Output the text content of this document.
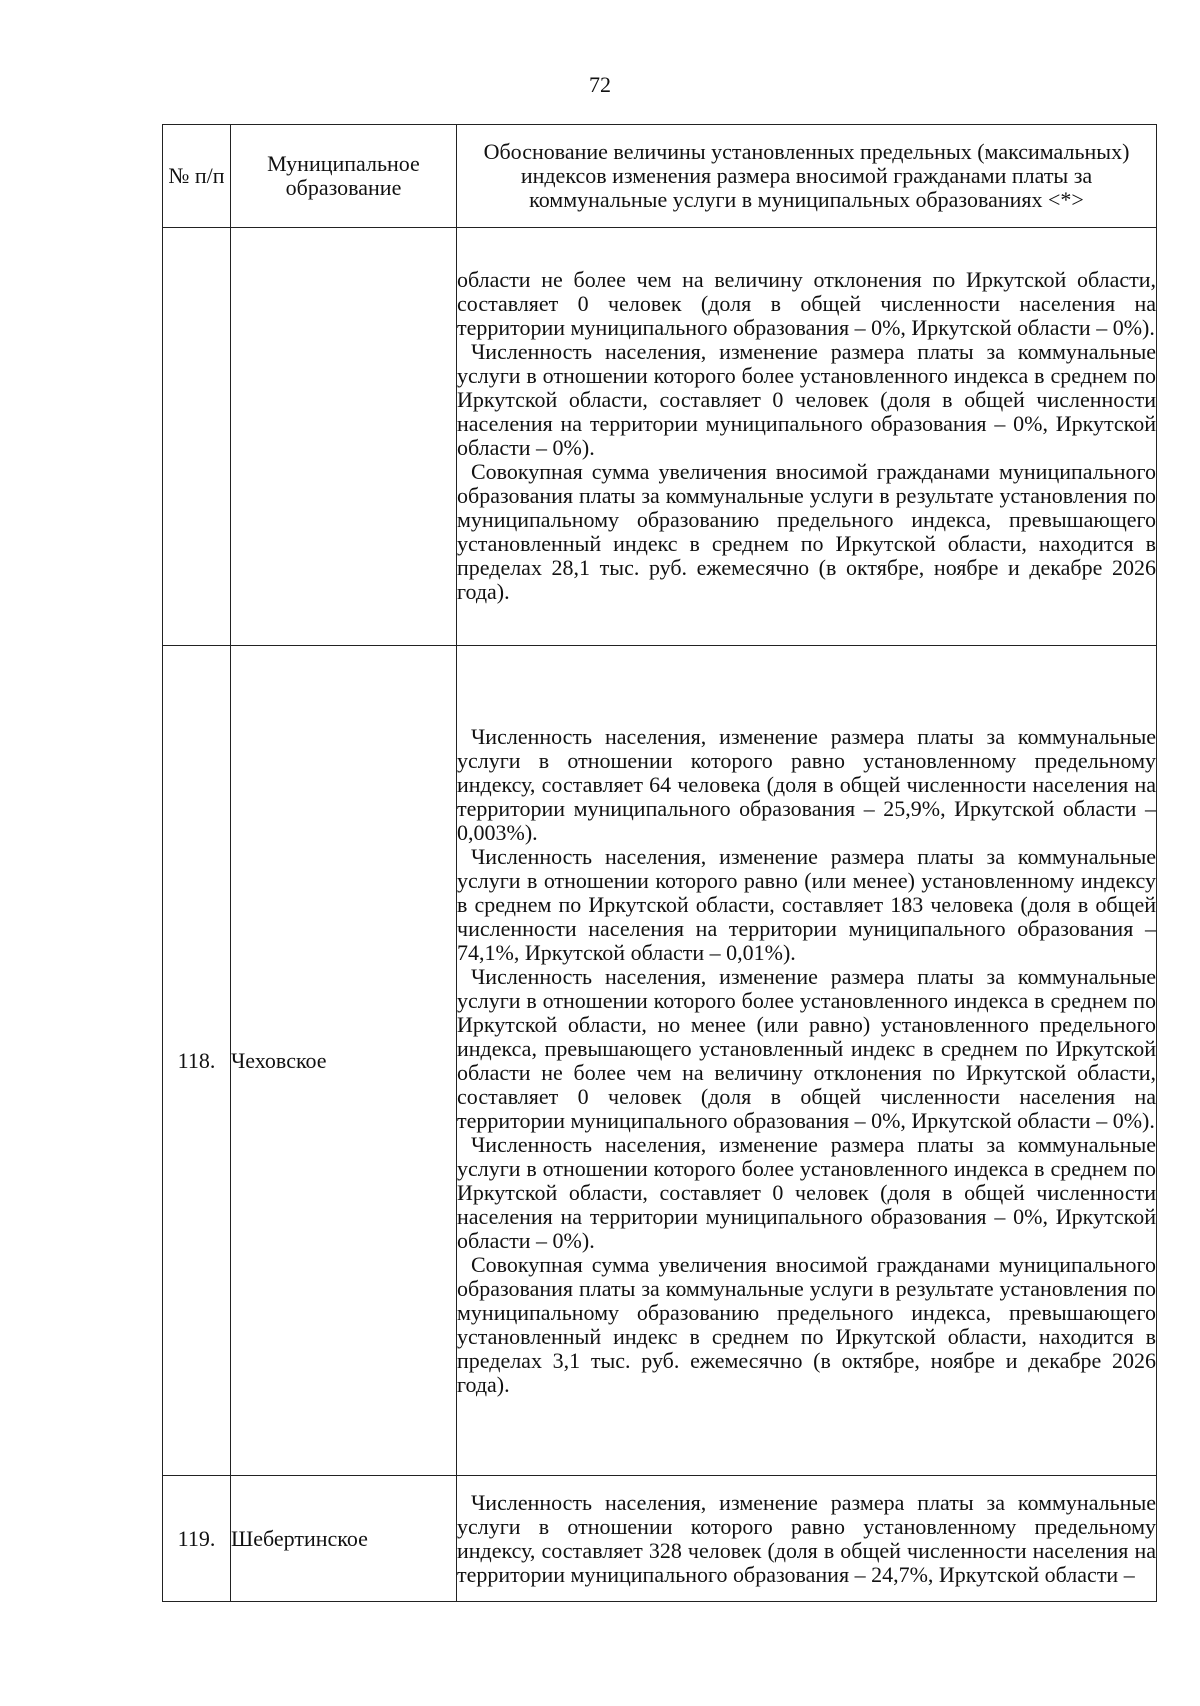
72
№ п/п	Муниципальное образование	Обоснование величины установленных предельных (максимальных) индексов изменения размера вносимой гражданами платы за коммунальные услуги в муниципальных образованиях <*>

		области не более чем на величину отклонения по Иркутской области, составляет 0 человек (доля в общей численности населения на территории муниципального образования – 0%, Иркутской области – 0%).

Численность населения, изменение размера платы за коммунальные услуги в отношении которого более установленного индекса в среднем по Иркутской области, составляет 0 человек (доля в общей численности населения на территории муниципального образования – 0%, Иркутской области – 0%).

Совокупная сумма увеличения вносимой гражданами муниципального образования платы за коммунальные услуги в результате установления по муниципальному образованию предельного индекса, превышающего установленный индекс в среднем по Иркутской области, находится в пределах 28,1 тыс. руб. ежемесячно (в октябре, ноябре и декабре 2026 года).

118.	Чеховское	Численность населения, изменение размера платы за коммунальные услуги в отношении которого равно установленному предельному индексу, составляет 64 человека (доля в общей численности населения на территории муниципального образования – 25,9%, Иркутской области – 0,003%).

Численность населения, изменение размера платы за коммунальные услуги в отношении которого равно (или менее) установленному индексу в среднем по Иркутской области, составляет 183 человека (доля в общей численности населения на территории муниципального образования – 74,1%, Иркутской области – 0,01%).

Численность населения, изменение размера платы за коммунальные услуги в отношении которого более установленного индекса в среднем по Иркутской области, но менее (или равно) установленного предельного индекса, превышающего установленный индекс в среднем по Иркутской области не более чем на величину отклонения по Иркутской области, составляет 0 человек (доля в общей численности населения на территории муниципального образования – 0%, Иркутской области – 0%).

Численность населения, изменение размера платы за коммунальные услуги в отношении которого более установленного индекса в среднем по Иркутской области, составляет 0 человек (доля в общей численности населения на территории муниципального образования – 0%, Иркутской области – 0%).

Совокупная сумма увеличения вносимой гражданами муниципального образования платы за коммунальные услуги в результате установления по муниципальному образованию предельного индекса, превышающего установленный индекс в среднем по Иркутской области, находится в пределах 3,1 тыс. руб. ежемесячно (в октябре, ноябре и декабре 2026 года).

119.	Шебертинское	Численность населения, изменение размера платы за коммунальные услуги в отношении которого равно установленному предельному индексу, составляет 328 человек (доля в общей численности населения на территории муниципального образования – 24,7%, Иркутской области –
